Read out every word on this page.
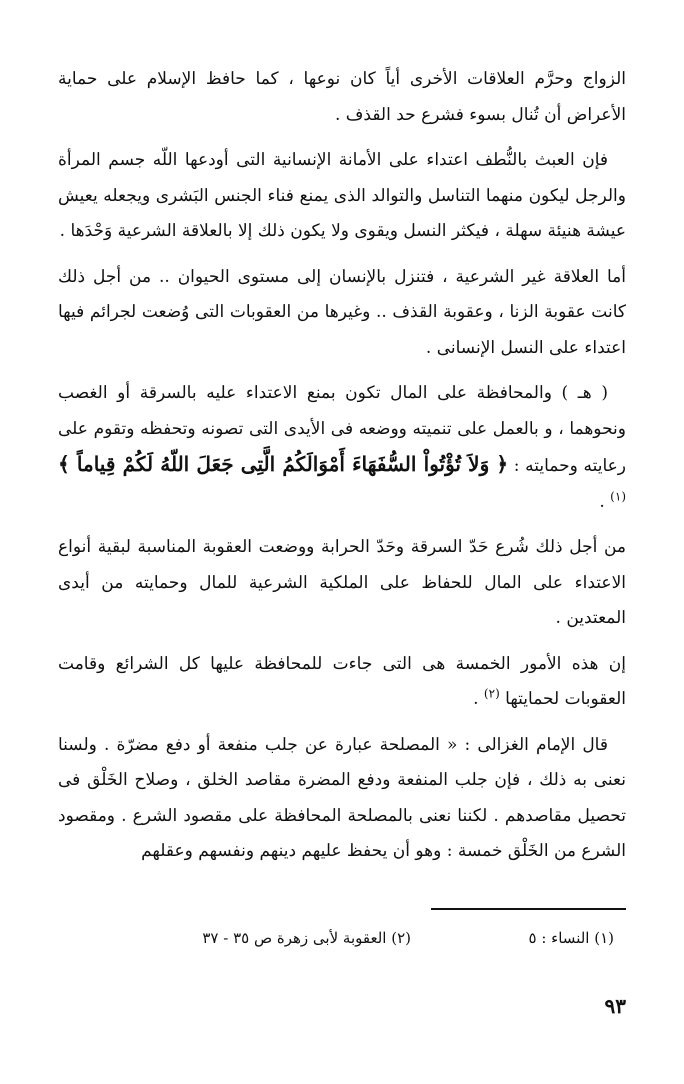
الزواج وحرَّم العلاقات الأخرى أياً كان نوعها ، كما حافظ الإسلام على حماية الأعراض أن تُنال بسوء فشرع حد القذف .

فإن العبث بالنُّطف اعتداء على الأمانة الإنسانية التى أودعها اللّه جسم المرأة والرجل ليكون منهما التناسل والتوالد الذى يمنع فناء الجنس البَشرى ويجعله يعيش عيشة هنيئة سهلة ، فيكثر النسل ويقوى ولا يكون ذلك إلا بالعلاقة الشرعية وَحْدَها .

أما العلاقة غير الشرعية ، فتنزل بالإنسان إلى مستوى الحيوان .. من أجل ذلك كانت عقوبة الزنا ، وعقوبة القذف .. وغيرها من العقوبات التى وُضعت لجرائم فيها اعتداء على النسل الإنسانى .

( هـ ) والمحافظة على المال تكون بمنع الاعتداء عليه بالسرقة أو الغصب ونحوهما ، و بالعمل على تنميته ووضعه فى الأيدى التى تصونه وتحفظه وتقوم على رعايته وحمايته : ﴿ وَلاَ تُؤْتُواْ السُّفَهَاءَ أَمْوَالَكُمُ الَّتِى جَعَلَ اللّهُ لَكُمْ قِياماً ﴾ $^{(١)}$ .

من أجل ذلك شُرع حَدّ السرقة وحَدّ الحرابة ووضعت العقوبة المناسبة لبقية أنواع الاعتداء على المال للحفاظ على الملكية الشرعية للمال وحمايته من أيدى المعتدين .

إن هذه الأمور الخمسة هى التى جاءت للمحافظة عليها كل الشرائع وقامت العقوبات لحمايتها $^{(٢)}$ .

قال الإمام الغزالى : « المصلحة عبارة عن جلب منفعة أو دفع مضرّة . ولسنا نعنى به ذلك ، فإن جلب المنفعة ودفع المضرة مقاصد الخلق ، وصلاح الخَلْق فى تحصيل مقاصدهم . لكننا نعنى بالمصلحة المحافظة على مقصود الشرع . ومقصود الشرع من الخَلْق خمسة : وهو أن يحفظ عليهم دينهم ونفسهم وعقلهم

(١) النساء : ٥
(٢) العقوبة لأبى زهرة ص ٣٥ - ٣٧
٩٣
